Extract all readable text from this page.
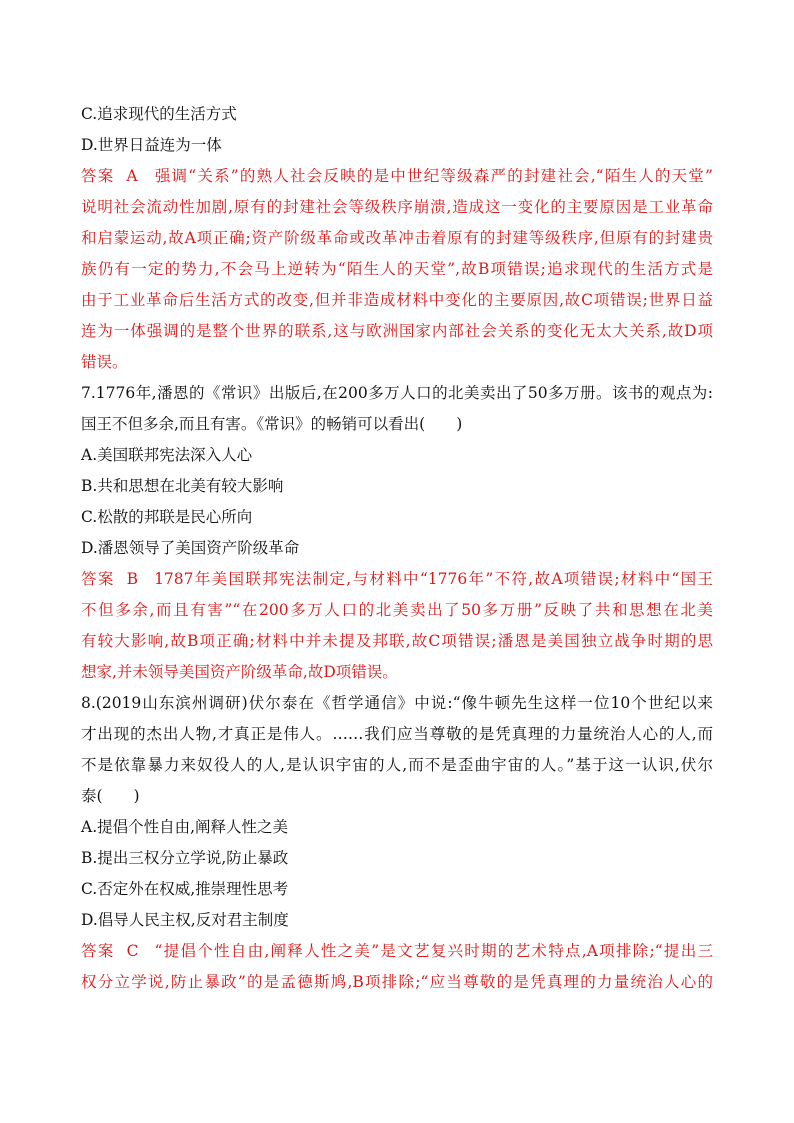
C.追求现代的生活方式
D.世界日益连为一体
答案 A 强调“关系”的熟人社会反映的是中世纪等级森严的封建社会,“陌生人的天堂”
说明社会流动性加剧,原有的封建社会等级秩序崩溃,造成这一变化的主要原因是工业革命
和启蒙运动,故A项正确;资产阶级革命或改革冲击着原有的封建等级秩序,但原有的封建贵
族仍有一定的势力,不会马上逆转为“陌生人的天堂”,故B项错误;追求现代的生活方式是
由于工业革命后生活方式的改变,但并非造成材料中变化的主要原因,故C项错误;世界日益
连为一体强调的是整个世界的联系,这与欧洲国家内部社会关系的变化无太大关系,故D项
错误。
7.1776年,潘恩的《常识》出版后,在200多万人口的北美卖出了50多万册。该书的观点为:
国王不但多余,而且有害。《常识》的畅销可以看出(　　)
A.美国联邦宪法深入人心
B.共和思想在北美有较大影响
C.松散的邦联是民心所向
D.潘恩领导了美国资产阶级革命
答案 B 1787年美国联邦宪法制定,与材料中“1776年”不符,故A项错误;材料中“国王
不但多余,而且有害”“在200多万人口的北美卖出了50多万册”反映了共和思想在北美
有较大影响,故B项正确;材料中并未提及邦联,故C项错误;潘恩是美国独立战争时期的思
想家,并未领导美国资产阶级革命,故D项错误。
8.(2019山东滨州调研)伏尔泰在《哲学通信》中说:“像牛顿先生这样一位10个世纪以来
才出现的杰出人物,才真正是伟人。……我们应当尊敬的是凭真理的力量统治人心的人,而
不是依靠暴力来奴役人的人,是认识宇宙的人,而不是歪曲宇宙的人。”基于这一认识,伏尔
泰(　　)
A.提倡个性自由,阐释人性之美
B.提出三权分立学说,防止暴政
C.否定外在权威,推崇理性思考
D.倡导人民主权,反对君主制度
答案 C “提倡个性自由,阐释人性之美”是文艺复兴时期的艺术特点,A项排除;“提出三
权分立学说,防止暴政”的是孟德斯鸠,B项排除;“应当尊敬的是凭真理的力量统治人心的
